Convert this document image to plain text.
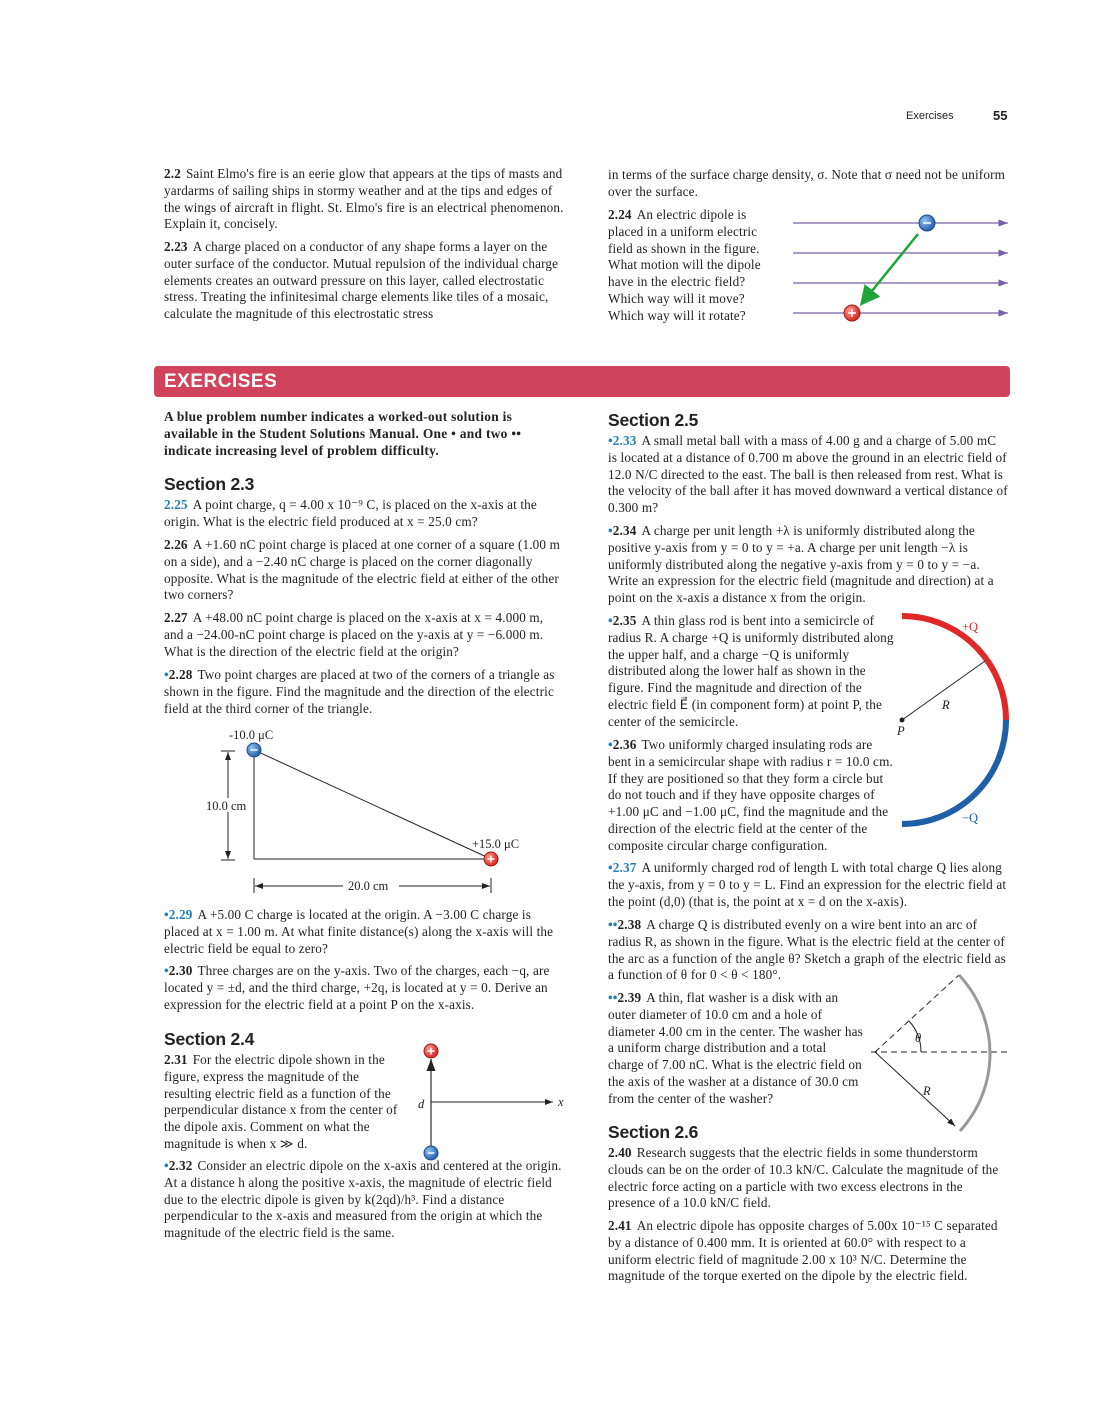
Exercises	55
2.2 Saint Elmo's fire is an eerie glow that appears at the tips of masts and yardarms of sailing ships in stormy weather and at the tips and edges of the wings of aircraft in flight. St. Elmo's fire is an electrical phenomenon. Explain it, concisely.
2.23 A charge placed on a conductor of any shape forms a layer on the outer surface of the conductor. Mutual repulsion of the individual charge elements creates an outward pressure on this layer, called electrostatic stress. Treating the infinitesimal charge elements like tiles of a mosaic, calculate the magnitude of this electrostatic stress
in terms of the surface charge density, σ. Note that σ need not be uniform over the surface.
2.24 An electric dipole is placed in a uniform electric field as shown in the figure. What motion will the dipole have in the electric field? Which way will it move? Which way will it rotate?
EXERCISES
A blue problem number indicates a worked-out solution is available in the Student Solutions Manual. One • and two •• indicate increasing level of problem difficulty.
Section 2.3
2.25 A point charge, q = 4.00 x 10⁻⁹ C, is placed on the x-axis at the origin. What is the electric field produced at x = 25.0 cm?
2.26 A +1.60 nC point charge is placed at one corner of a square (1.00 m on a side), and a −2.40 nC charge is placed on the corner diagonally opposite. What is the magnitude of the electric field at either of the other two corners?
2.27 A +48.00 nC point charge is placed on the x-axis at x = 4.000 m, and a −24.00-nC point charge is placed on the y-axis at y = −6.000 m. What is the direction of the electric field at the origin?
•2.28 Two point charges are placed at two of the corners of a triangle as shown in the figure. Find the magnitude and the direction of the electric field at the third corner of the triangle.
-10.0 μC
+15.0 μC
10.0 cm
20.0 cm
•2.29 A +5.00 C charge is located at the origin. A −3.00 C charge is placed at x = 1.00 m. At what finite distance(s) along the x-axis will the electric field be equal to zero?
•2.30 Three charges are on the y-axis. Two of the charges, each −q, are located y = ±d, and the third charge, +2q, is located at y = 0. Derive an expression for the electric field at a point P on the x-axis.
Section 2.4
2.31 For the electric dipole shown in the figure, express the magnitude of the resulting electric field as a function of the perpendicular distance x from the center of the dipole axis. Comment on what the magnitude is when x ≫ d.
d	x
•2.32 Consider an electric dipole on the x-axis and centered at the origin. At a distance h along the positive x-axis, the magnitude of electric field due to the electric dipole is given by k(2qd)/h³. Find a distance perpendicular to the x-axis and measured from the origin at which the magnitude of the electric field is the same.
Section 2.5
•2.33 A small metal ball with a mass of 4.00 g and a charge of 5.00 mC is located at a distance of 0.700 m above the ground in an electric field of 12.0 N/C directed to the east. The ball is then released from rest. What is the velocity of the ball after it has moved downward a vertical distance of 0.300 m?
•2.34 A charge per unit length +λ is uniformly distributed along the positive y-axis from y = 0 to y = +a. A charge per unit length −λ is uniformly distributed along the negative y-axis from y = 0 to y = −a. Write an expression for the electric field (magnitude and direction) at a point on the x-axis a distance x from the origin.
•2.35 A thin glass rod is bent into a semicircle of radius R. A charge +Q is uniformly distributed along the upper half, and a charge −Q is uniformly distributed along the lower half as shown in the figure. Find the magnitude and direction of the electric field E⃗ (in component form) at point P, the center of the semicircle.
•2.36 Two uniformly charged insulating rods are bent in a semicircular shape with radius r = 10.0 cm. If they are positioned so that they form a circle but do not touch and if they have opposite charges of +1.00 μC and −1.00 μC, find the magnitude and the direction of the electric field at the center of the composite circular charge configuration.
+Q
−Q
R
P
•2.37 A uniformly charged rod of length L with total charge Q lies along the y-axis, from y = 0 to y = L. Find an expression for the electric field at the point (d,0) (that is, the point at x = d on the x-axis).
••2.38 A charge Q is distributed evenly on a wire bent into an arc of radius R, as shown in the figure. What is the electric field at the center of the arc as a function of the angle θ? Sketch a graph of the electric field as a function of θ for 0 < θ < 180°.
••2.39 A thin, flat washer is a disk with an outer diameter of 10.0 cm and a hole of diameter 4.00 cm in the center. The washer has a uniform charge distribution and a total charge of 7.00 nC. What is the electric field on the axis of the washer at a distance of 30.0 cm from the center of the washer?
θ
R
Section 2.6
2.40 Research suggests that the electric fields in some thunderstorm clouds can be on the order of 10.3 kN/C. Calculate the magnitude of the electric force acting on a particle with two excess electrons in the presence of a 10.0 kN/C field.
2.41 An electric dipole has opposite charges of 5.00x 10⁻¹⁵ C separated by a distance of 0.400 mm. It is oriented at 60.0° with respect to a uniform electric field of magnitude 2.00 x 10³ N/C. Determine the magnitude of the torque exerted on the dipole by the electric field.
